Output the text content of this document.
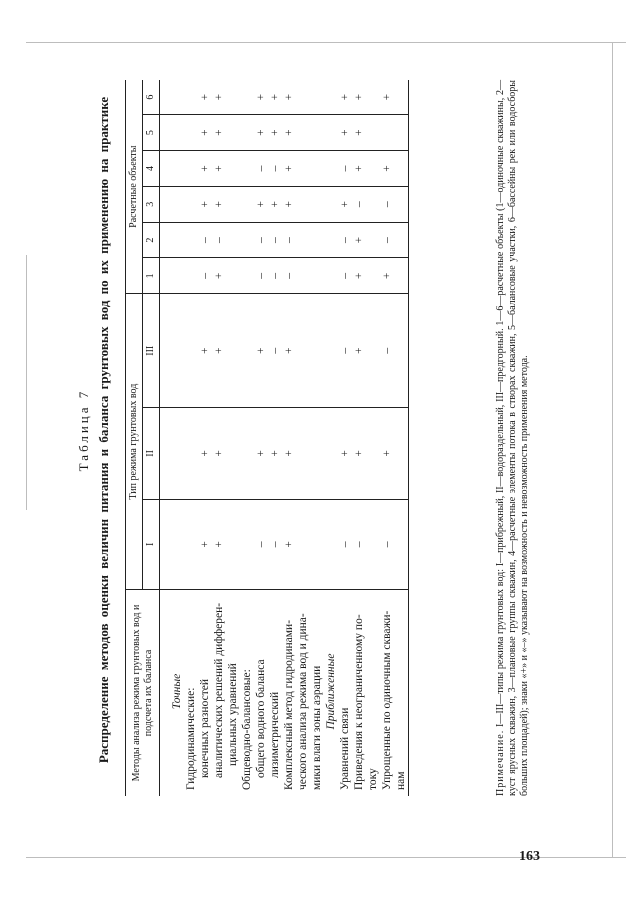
Таблица 7 Распределение методов оценки величин питания и баланса грунтовых вод по их применению на практике Методы анализа режима грунтовых вод и подсчета их баланса	Тип режима грунтовых вод			Расчетные объекты					
	I	II	III	1	2	3	4	5	6

Точные									
Гидродинамические:									
конечных разностей	+	+	+	–	–	+	+	+	+
аналитических решений дифферен-	+	+	+	+	–	+	+	+	+
циальных уравнений									
Общеводно-балансовые:									
общего водного баланса	–	+	+	–	–	+	–	+	+
лизиметрический	–	+	–	–	–	+	–	+	+
Комплексный метод гидродинами- ческого анализа режима вод и дина- мики влаги зоны аэрации	+	+	+	–	–	+	+	+	+
Приближенные									
Уравнений связи	–	+	–	–	–	+	–	+	+
Приведения к неограниченному по- току	–	+	+	+	+	–	+	+	+
Упрощенные по одиночным скважи- нам	–	+	–	+	–	–	+		+
Примечание. I—III—типы режима грунтовых вод: I—прибрежный, II—водораздельный, III—предгорный. 1—6—расчетные объекты (1—одиночные скважины, 2—куст ярусных скважин, 3—плановые группы скважин, 4—расчетные элементы потока в створах скважин, 5—балансовые участки, 6—бассейны рек или водосборы больших площадей); знаки «+» и «–» указывают на возможность и невозможность применения метода.
163
